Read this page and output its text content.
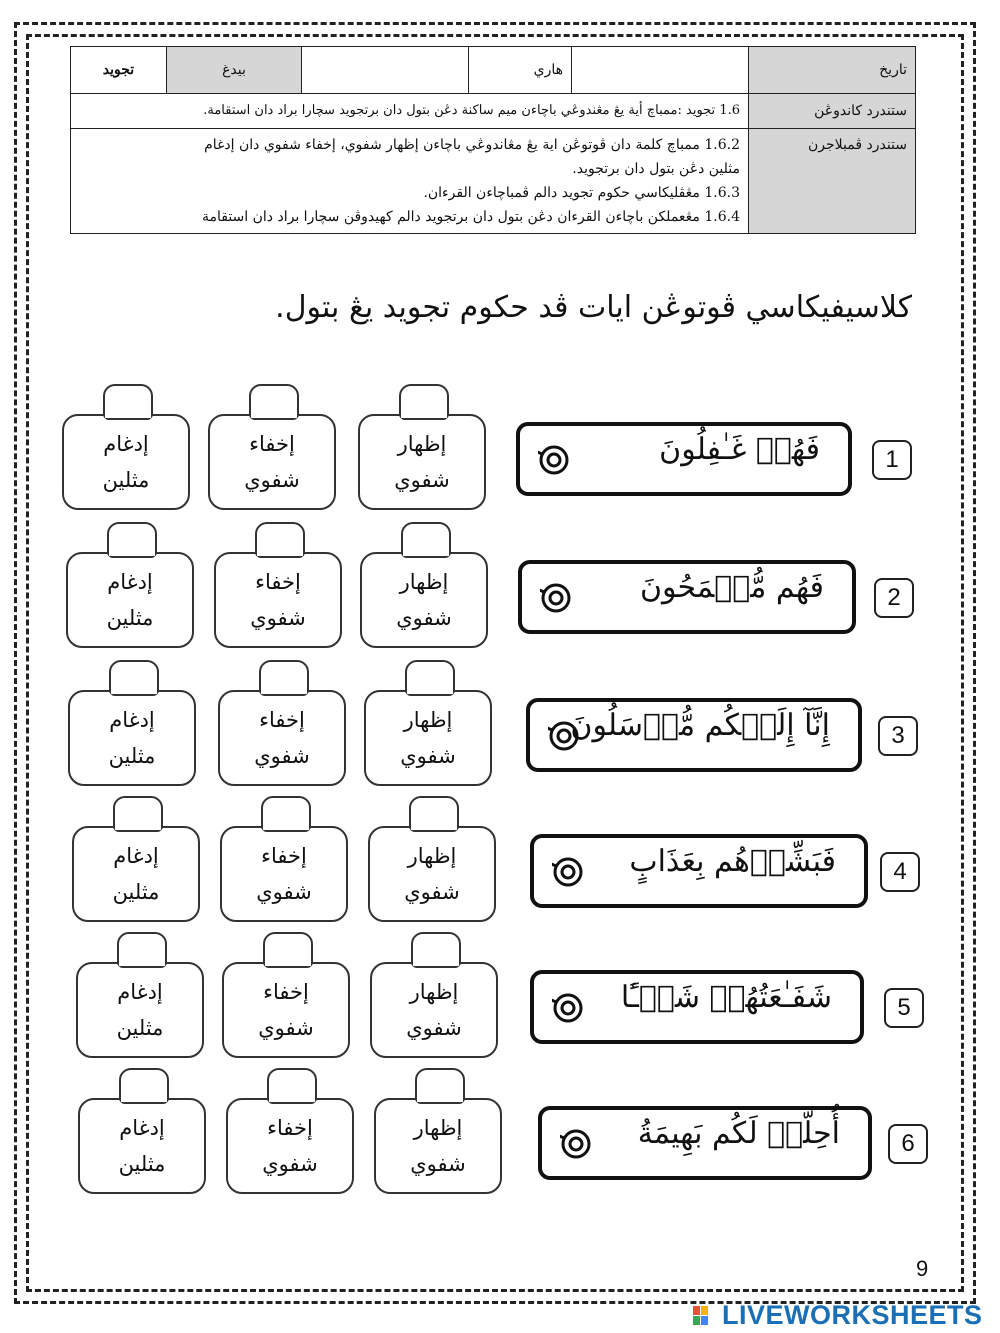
تاريخ		هاري		بيدغ	تجويد
ستندرد كاندوڠن	1.6 تجويد :ممباچ أية يڠ مڠندوڠي باچاءن ميم ساكنة دڠن بتول دان برتجويد سچارا براد دان استقامة.				
ستندرد ڤمبلاجرن	1.6.2 ممباچ كلمة دان ڤوتوڠن اية يڠ مڠاندوڠي باچاءن إظهار شفوي، إخفاء شفوي دان إدغام
مثلين دڠن بتول دان برتجويد.
1.6.3 مڠڤليكاسي حكوم تجويد دالم ڤمباچاءن القرءان.
1.6.4 مڠعملكن باچاءن القرءان دڠن بتول دان برتجويد دالم كهيدوڤن سچارا براد دان استقامة				
كلاسيفيكاسي ڤوتوڠن ايات ڤد حكوم تجويد يڠ بتول.
1
فَهُمۡ غَـٰفِلُونَ
إظهار
شفوي
إخفاء
شفوي
إدغام
مثلين
2
فَهُم مُّقۡمَحُونَ
إظهار
شفوي
إخفاء
شفوي
إدغام
مثلين
3
إِنَّآ إِلَيۡكُم مُّرۡسَلُونَ
إظهار
شفوي
إخفاء
شفوي
إدغام
مثلين
4
فَبَشِّرۡهُم بِعَذَابٍ
إظهار
شفوي
إخفاء
شفوي
إدغام
مثلين
5
شَفَـٰعَتُهُمۡ شَيۡـًٔا
إظهار
شفوي
إخفاء
شفوي
إدغام
مثلين
6
أُحِلَّتۡ لَكُم بَهِيمَةُ
إظهار
شفوي
إخفاء
شفوي
إدغام
مثلين
9
LIVEWORKSHEETS
